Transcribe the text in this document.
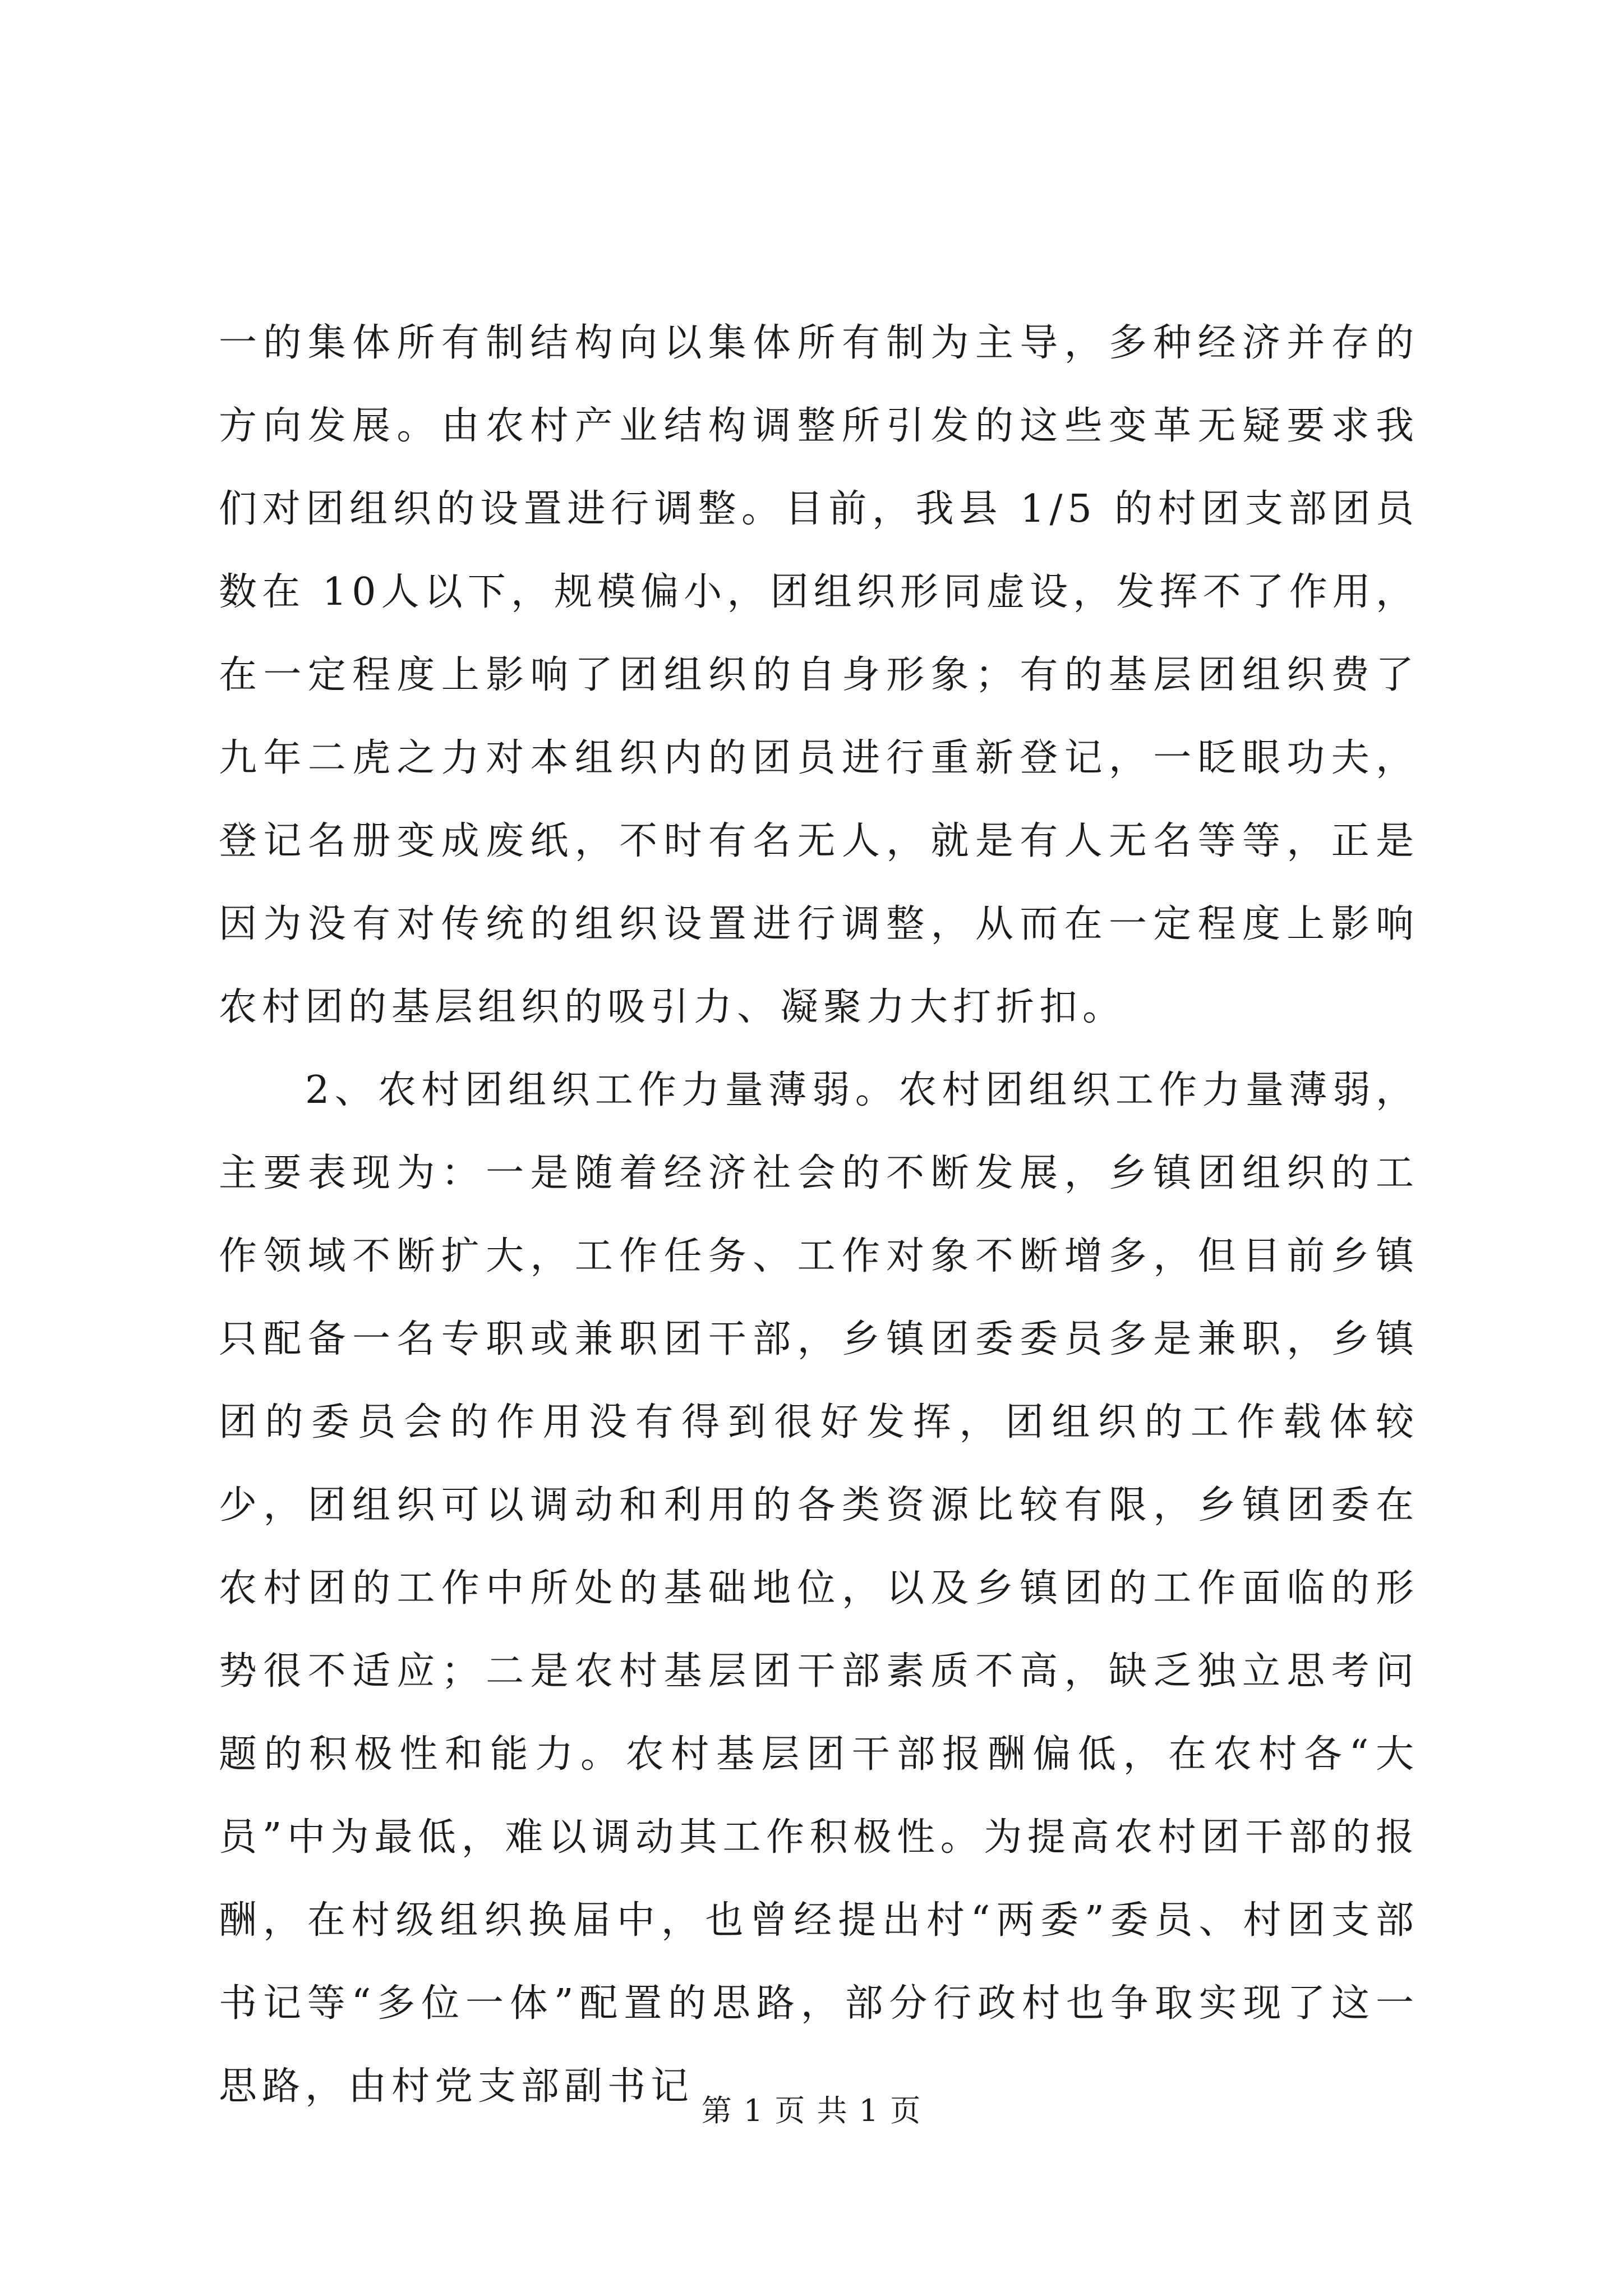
一的集体所有制结构向以集体所有制为主导，多种经济并存的方向发展。由农村产业结构调整所引发的这些变革无疑要求我们对团组织的设置进行调整。目前，我县 1/5 的村团支部团员数在 10人以下，规模偏小，团组织形同虚设，发挥不了作用，在一定程度上影响了团组织的自身形象；有的基层团组织费了九年二虎之力对本组织内的团员进行重新登记，一眨眼功夫，登记名册变成废纸，不时有名无人，就是有人无名等等，正是因为没有对传统的组织设置进行调整，从而在一定程度上影响农村团的基层组织的吸引力、凝聚力大打折扣。

2、农村团组织工作力量薄弱。农村团组织工作力量薄弱，主要表现为：一是随着经济社会的不断发展，乡镇团组织的工作领域不断扩大，工作任务、工作对象不断增多，但目前乡镇只配备一名专职或兼职团干部，乡镇团委委员多是兼职，乡镇团的委员会的作用没有得到很好发挥，团组织的工作载体较少，团组织可以调动和利用的各类资源比较有限，乡镇团委在农村团的工作中所处的基础地位，以及乡镇团的工作面临的形势很不适应；二是农村基层团干部素质不高，缺乏独立思考问题的积极性和能力。农村基层团干部报酬偏低，在农村各“大员”中为最低，难以调动其工作积极性。为提高农村团干部的报酬，在村级组织换届中，也曾经提出村“两委”委员、村团支部书记等“多位一体”配置的思路，部分行政村也争取实现了这一思路，由村党支部副书记

第 1 页 共 1 页
